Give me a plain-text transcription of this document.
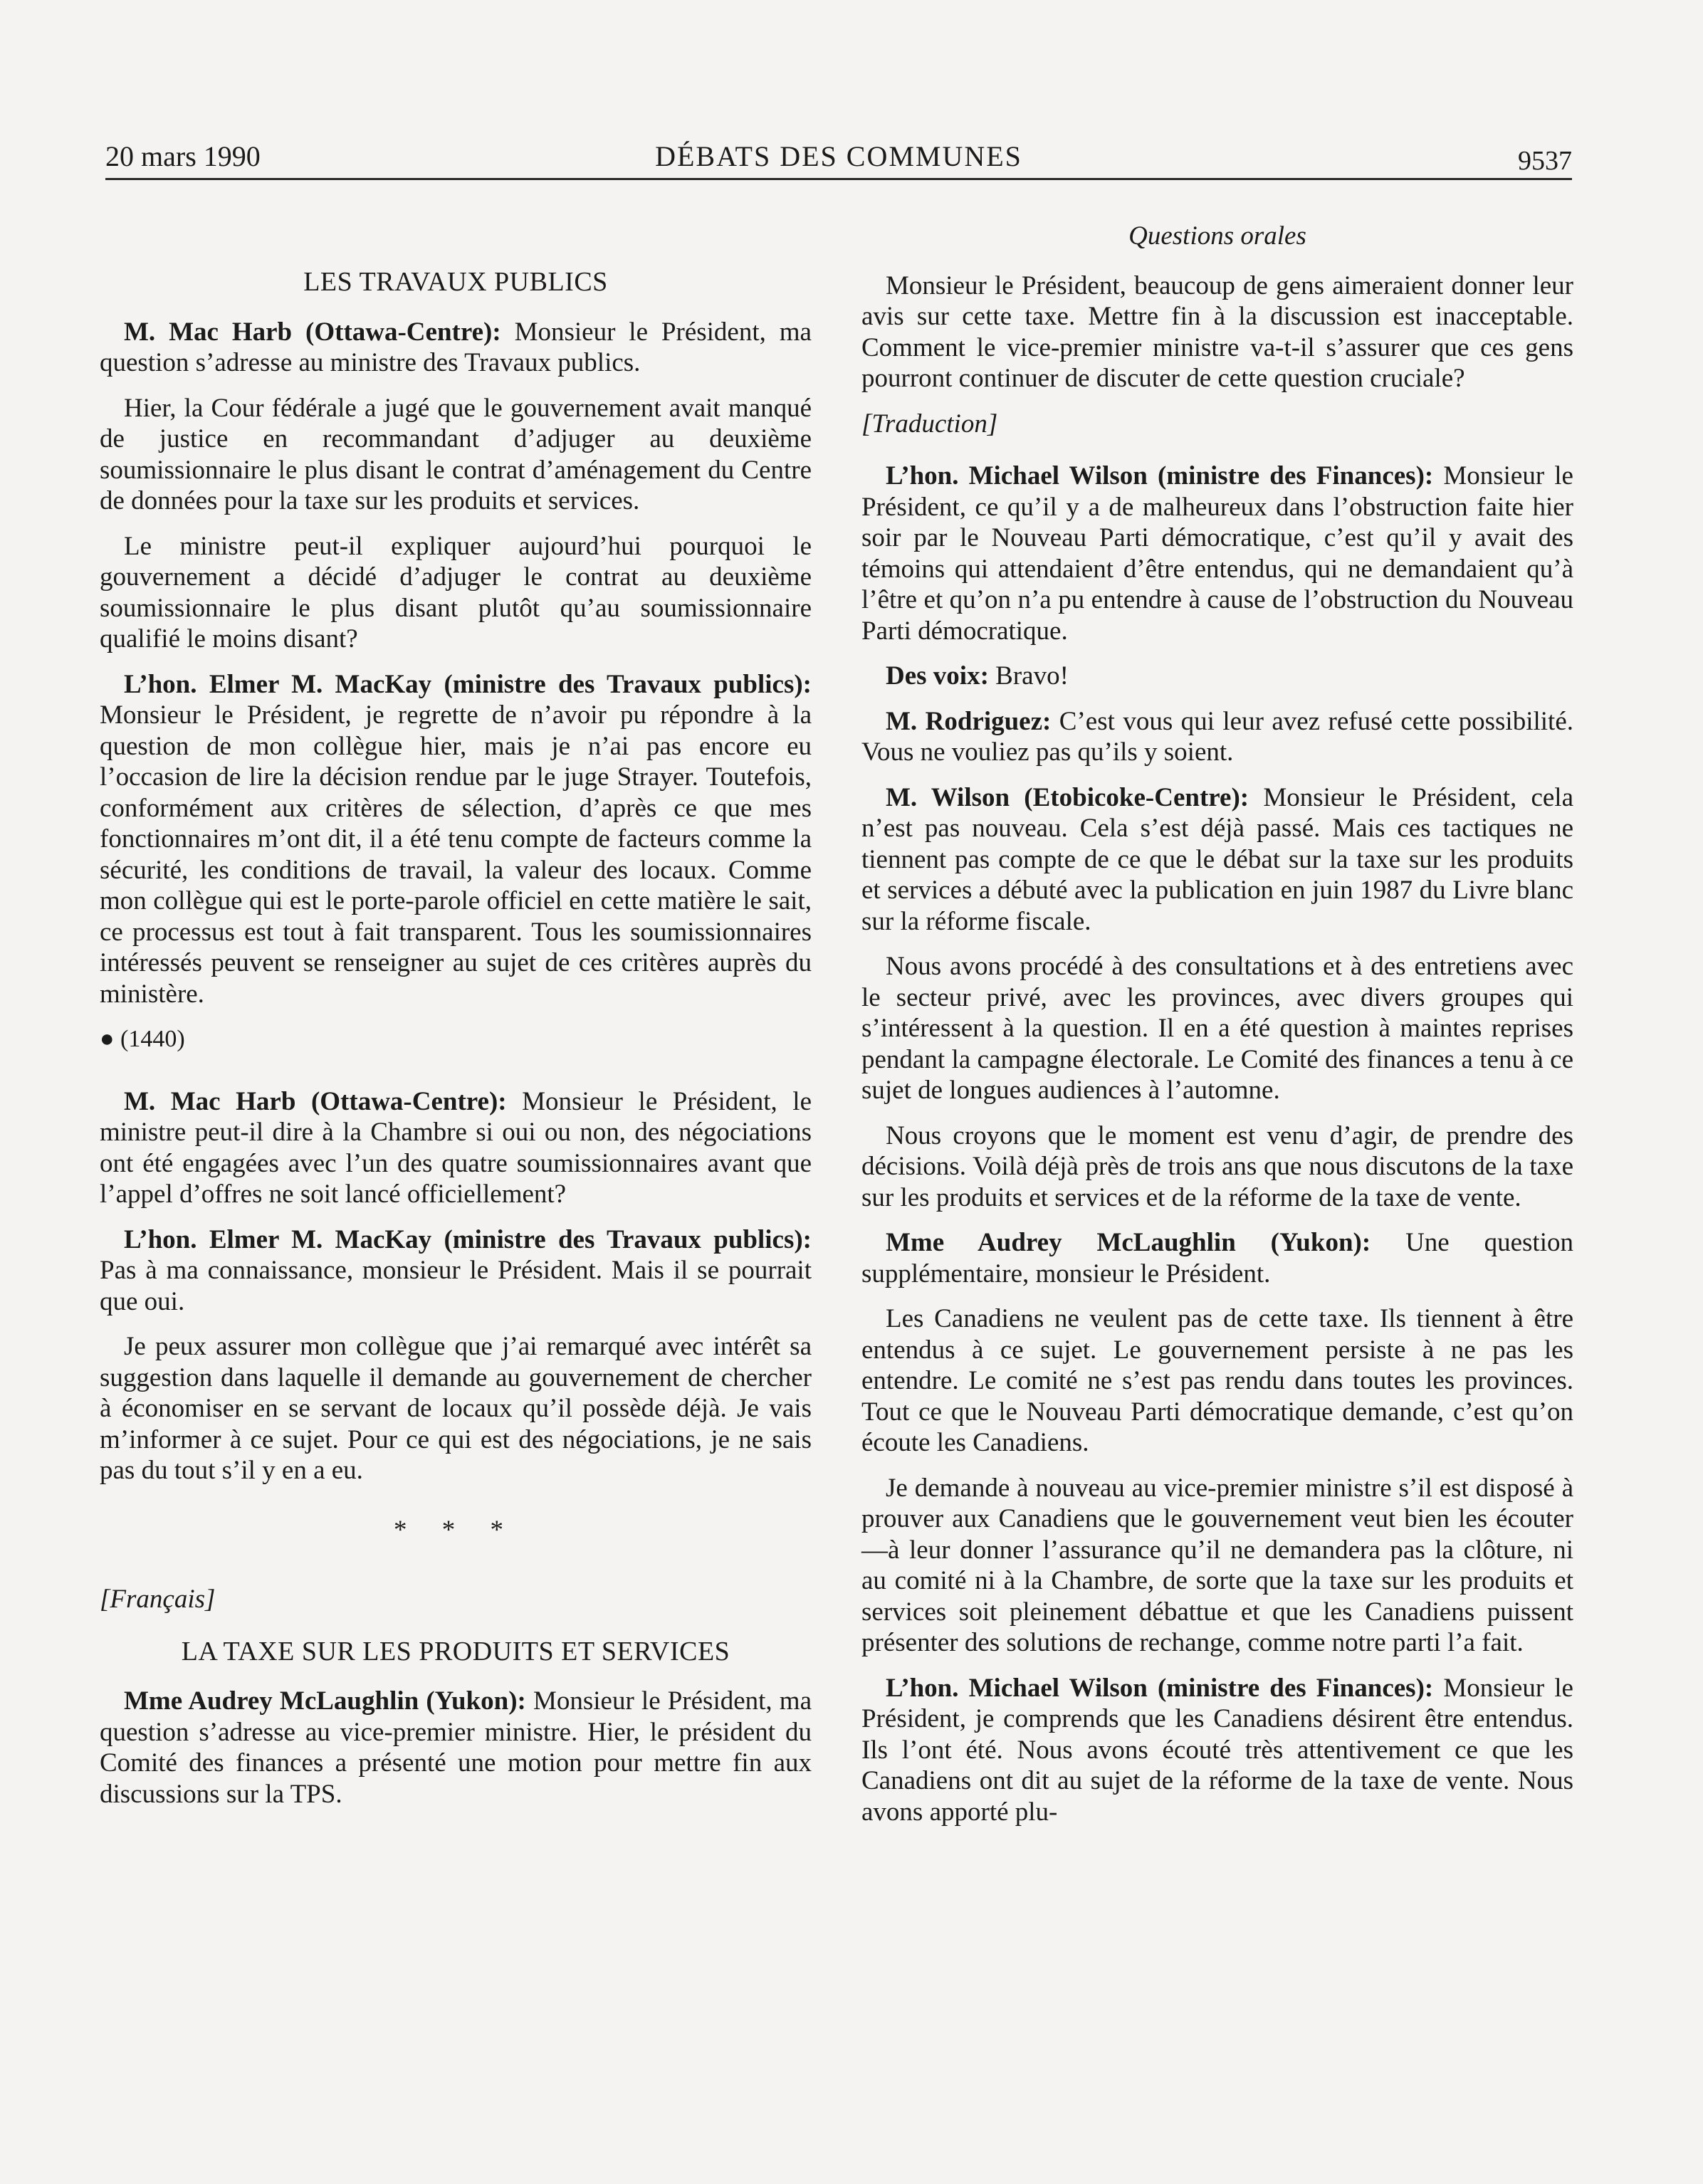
20 mars 1990	DÉBATS DES COMMUNES	9537
LES TRAVAUX PUBLICS

M. Mac Harb (Ottawa-Centre): Monsieur le Président, ma question s’adresse au ministre des Travaux publics.

Hier, la Cour fédérale a jugé que le gouvernement avait manqué de justice en recommandant d’adjuger au deuxième soumissionnaire le plus disant le contrat d’aménagement du Centre de données pour la taxe sur les produits et services.

Le ministre peut-il expliquer aujourd’hui pourquoi le gouvernement a décidé d’adjuger le contrat au deuxième soumissionnaire le plus disant plutôt qu’au soumissionnaire qualifié le moins disant?

L’hon. Elmer M. MacKay (ministre des Travaux publics): Monsieur le Président, je regrette de n’avoir pu répondre à la question de mon collègue hier, mais je n’ai pas encore eu l’occasion de lire la décision rendue par le juge Strayer. Toutefois, conformément aux critères de sélection, d’après ce que mes fonctionnaires m’ont dit, il a été tenu compte de facteurs comme la sécurité, les conditions de travail, la valeur des locaux. Comme mon collègue qui est le porte-parole officiel en cette matière le sait, ce processus est tout à fait transparent. Tous les soumissionnaires intéressés peuvent se renseigner au sujet de ces critères auprès du ministère.

● (1440)

M. Mac Harb (Ottawa-Centre): Monsieur le Président, le ministre peut-il dire à la Chambre si oui ou non, des négociations ont été engagées avec l’un des quatre soumissionnaires avant que l’appel d’offres ne soit lancé officiellement?

L’hon. Elmer M. MacKay (ministre des Travaux publics): Pas à ma connaissance, monsieur le Président. Mais il se pourrait que oui.

Je peux assurer mon collègue que j’ai remarqué avec intérêt sa suggestion dans laquelle il demande au gouvernement de chercher à économiser en se servant de locaux qu’il possède déjà. Je vais m’informer à ce sujet. Pour ce qui est des négociations, je ne sais pas du tout s’il y en a eu.

* * *

[Français]

LA TAXE SUR LES PRODUITS ET SERVICES

Mme Audrey McLaughlin (Yukon): Monsieur le Président, ma question s’adresse au vice-premier ministre. Hier, le président du Comité des finances a présenté une motion pour mettre fin aux discussions sur la TPS.

Questions orales

Monsieur le Président, beaucoup de gens aimeraient donner leur avis sur cette taxe. Mettre fin à la discussion est inacceptable. Comment le vice-premier ministre va-t-il s’assurer que ces gens pourront continuer de discuter de cette question cruciale?

[Traduction]

L’hon. Michael Wilson (ministre des Finances): Monsieur le Président, ce qu’il y a de malheureux dans l’obstruction faite hier soir par le Nouveau Parti démocratique, c’est qu’il y avait des témoins qui attendaient d’être entendus, qui ne demandaient qu’à l’être et qu’on n’a pu entendre à cause de l’obstruction du Nouveau Parti démocratique.

Des voix: Bravo!

M. Rodriguez: C’est vous qui leur avez refusé cette possibilité. Vous ne vouliez pas qu’ils y soient.

M. Wilson (Etobicoke-Centre): Monsieur le Président, cela n’est pas nouveau. Cela s’est déjà passé. Mais ces tactiques ne tiennent pas compte de ce que le débat sur la taxe sur les produits et services a débuté avec la publication en juin 1987 du Livre blanc sur la réforme fiscale.

Nous avons procédé à des consultations et à des entretiens avec le secteur privé, avec les provinces, avec divers groupes qui s’intéressent à la question. Il en a été question à maintes reprises pendant la campagne électorale. Le Comité des finances a tenu à ce sujet de longues audiences à l’automne.

Nous croyons que le moment est venu d’agir, de prendre des décisions. Voilà déjà près de trois ans que nous discutons de la taxe sur les produits et services et de la réforme de la taxe de vente.

Mme Audrey McLaughlin (Yukon): Une question supplémentaire, monsieur le Président.

Les Canadiens ne veulent pas de cette taxe. Ils tiennent à être entendus à ce sujet. Le gouvernement persiste à ne pas les entendre. Le comité ne s’est pas rendu dans toutes les provinces. Tout ce que le Nouveau Parti démocratique demande, c’est qu’on écoute les Canadiens.

Je demande à nouveau au vice-premier ministre s’il est disposé à prouver aux Canadiens que le gouvernement veut bien les écouter—à leur donner l’assurance qu’il ne demandera pas la clôture, ni au comité ni à la Chambre, de sorte que la taxe sur les produits et services soit pleinement débattue et que les Canadiens puissent présenter des solutions de rechange, comme notre parti l’a fait.

L’hon. Michael Wilson (ministre des Finances): Monsieur le Président, je comprends que les Canadiens désirent être entendus. Ils l’ont été. Nous avons écouté très attentivement ce que les Canadiens ont dit au sujet de la réforme de la taxe de vente. Nous avons apporté plu-
